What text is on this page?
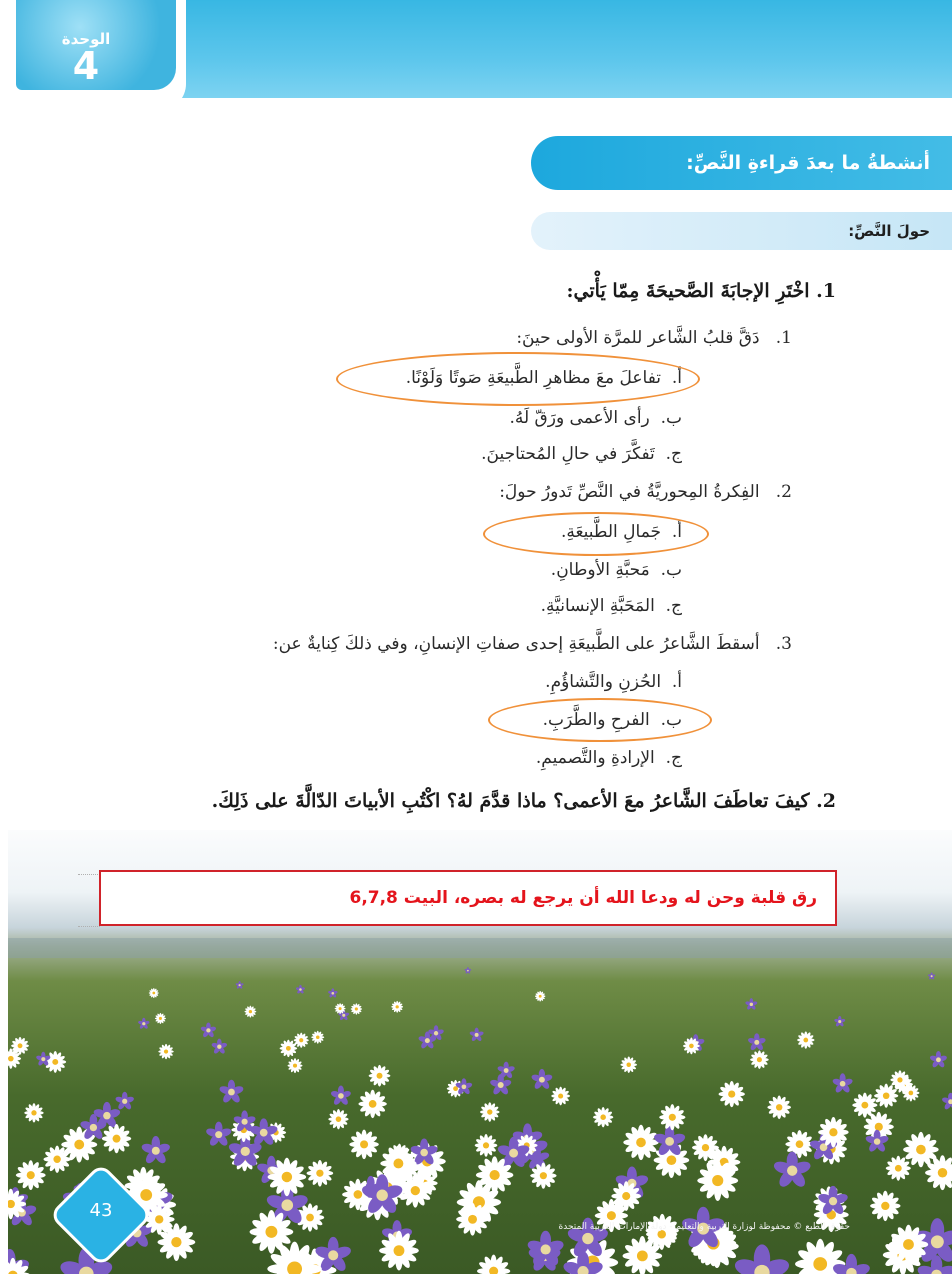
الوحدة
4
أنشطةُ ما بعدَ قراءةِ النَّصِّ:
حولَ النَّصِّ:
1. اخْتَرِ الإجابَةَ الصَّحيحَةَ مِمّا يَأْتي:
1.   دَقَّ قلبُ الشَّاعر للمرَّة الأولى حينَ:
أ.  تفاعلَ معَ مظاهرِ الطَّبيعَةِ صَوتًا وَلَوْنًا.
ب.  رأى الأعمى ورَقّ لَهُ.
ج.  تَفكَّرَ في حالِ المُحتاجينَ.
2.   الفِكرةُ المِحوريَّةُ في النَّصِّ تَدورُ حولَ:
أ.  جَمالِ الطَّبيعَةِ.
ب.  مَحبَّةِ الأوطانِ.
ج.  المَحَبَّةِ الإنسانيَّةِ.
3.   أسقطَ الشَّاعرُ على الطَّبيعَةِ إحدى صفاتِ الإنسانِ، وفي ذلكَ كِنايةٌ عن:
أ.  الحُزنِ والتَّشاؤُمِ.
ب.  الفرحِ والطَّرَبِ.
ج.  الإرادةِ والتَّصميمِ.
2. كيفَ تعاطَفَ الشَّاعرُ معَ الأعمى؟ ماذا قدَّمَ لهُ؟ اكْتُبِ الأبياتَ الدّالَّةَ على ذَلِكَ.
رق قلبة وحن له ودعا الله أن يرجع له بصره، البيت 6,7,8
43
حقوق الطبع © محفوظة لوزارة التربية والتعليم - دولة الإمارات العربية المتحدة
